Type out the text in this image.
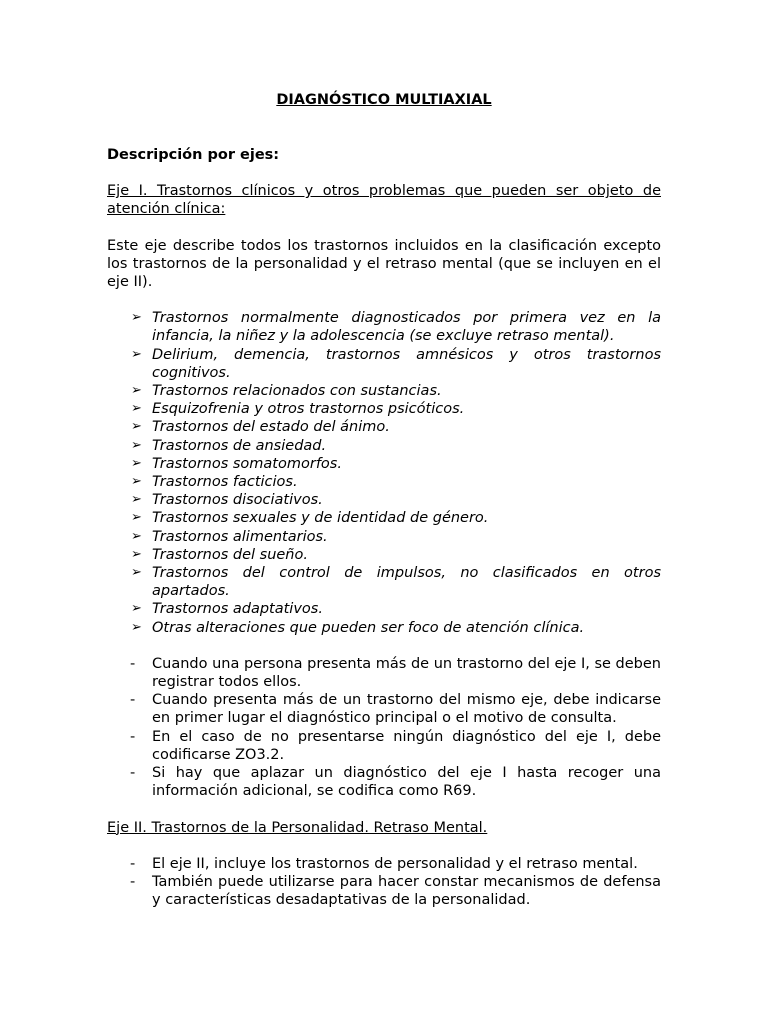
DIAGNÓSTICO MULTIAXIAL
Descripción por ejes:
Eje I. Trastornos clínicos y otros problemas que pueden ser objeto de atención clínica:
Este eje describe todos los trastornos incluidos en la clasificación excepto los trastornos de la personalidad y el retraso mental (que se incluyen en el eje II).
➢ Trastornos normalmente diagnosticados por primera vez en la infancia, la niñez y la adolescencia (se excluye retraso mental).
➢ Delirium, demencia, trastornos amnésicos y otros trastornos cognitivos.
➢ Trastornos relacionados con sustancias.
➢ Esquizofrenia y otros trastornos psicóticos.
➢ Trastornos del estado del ánimo.
➢ Trastornos de ansiedad.
➢ Trastornos somatomorfos.
➢ Trastornos facticios.
➢ Trastornos disociativos.
➢ Trastornos sexuales y de identidad de género.
➢ Trastornos alimentarios.
➢ Trastornos del sueño.
➢ Trastornos del control de impulsos, no clasificados en otros apartados.
➢ Trastornos adaptativos.
➢ Otras alteraciones que pueden ser foco de atención clínica.
- Cuando una persona presenta más de un trastorno del eje I, se deben registrar todos ellos.
- Cuando presenta más de un trastorno del mismo eje, debe indicarse en primer lugar el diagnóstico principal o el motivo de consulta.
- En el caso de no presentarse ningún diagnóstico del eje I, debe codificarse ZO3.2.
- Si hay que aplazar un diagnóstico del eje I hasta recoger una información adicional, se codifica como R69.
Eje II. Trastornos de la Personalidad. Retraso Mental.
- El eje II, incluye los trastornos de personalidad y el retraso mental.
- También puede utilizarse para hacer constar mecanismos de defensa y características desadaptativas de la personalidad.
